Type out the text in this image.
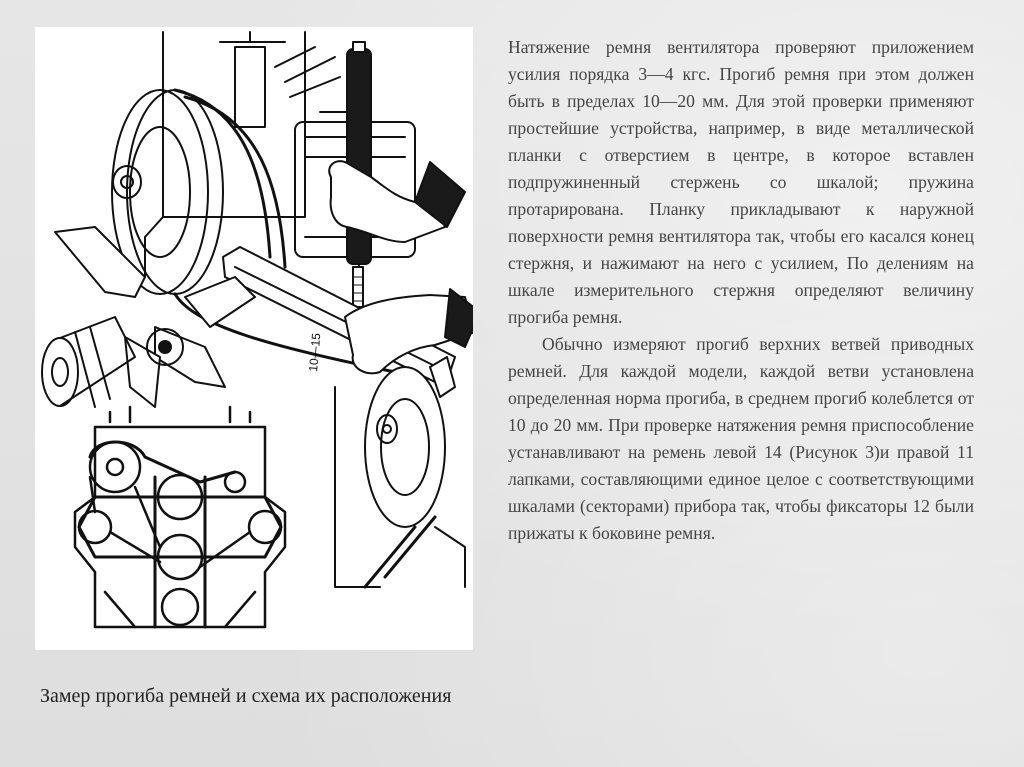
10—15
Замер прогиба ремней и схема их расположения

Натяжение ремня вентилятора проверяют приложением усилия порядка 3—4 кгс. Прогиб ремня при этом должен быть в пределах 10—20 мм. Для этой проверки применяют простейшие устройства, например, в виде металлической планки с отверстием в центре, в которое вставлен подпружиненный стержень со шкалой; пружина протарирована. Планку прикладывают к наружной поверхности ремня вентилятора так, чтобы его касался конец стержня, и нажимают на него с усилием, По делениям на шкале измерительного стержня определяют величину прогиба ремня.

Обычно измеряют прогиб верхних ветвей приводных ремней. Для каждой модели, каждой ветви установлена определенная норма прогиба, в среднем прогиб колеблется от 10 до 20 мм. При проверке натяжения ремня приспособление устанавливают на ремень левой 14 (Рисунок 3)и правой 11 лапками, составляющими единое целое с соответствующими шкалами (секторами) прибора так, чтобы фиксаторы 12 были прижаты к боковине ремня.
